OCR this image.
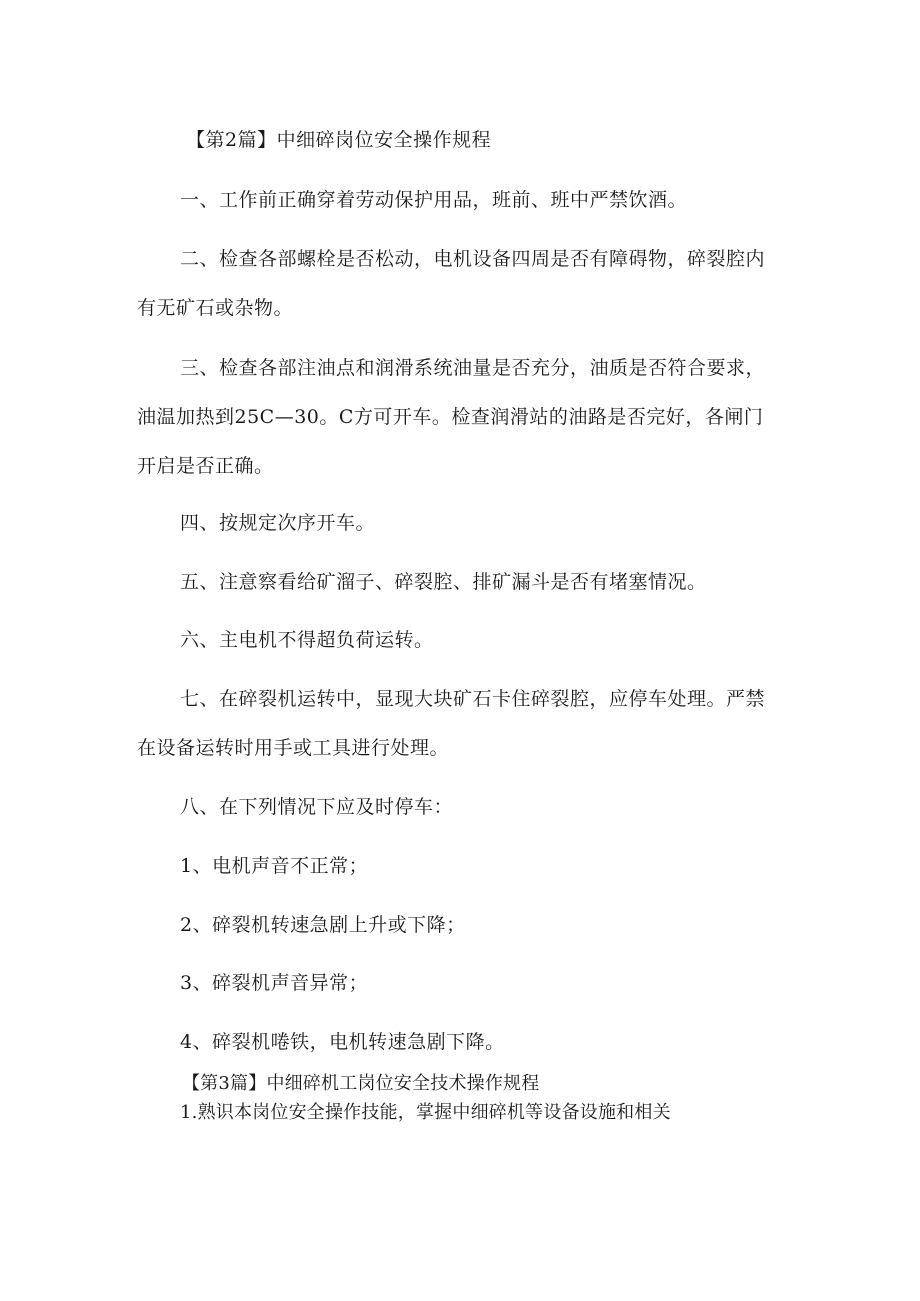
【第2篇】中细碎岗位安全操作规程
一、工作前正确穿着劳动保护用品，班前、班中严禁饮酒。
二、检查各部螺栓是否松动，电机设备四周是否有障碍物，碎裂腔内
有无矿石或杂物。
三、检查各部注油点和润滑系统油量是否充分，油质是否符合要求，
油温加热到25C—30。C方可开车。检查润滑站的油路是否完好，各闸门
开启是否正确。
四、按规定次序开车。
五、注意察看给矿溜子、碎裂腔、排矿漏斗是否有堵塞情况。
六、主电机不得超负荷运转。
七、在碎裂机运转中，显现大块矿石卡住碎裂腔，应停车处理。严禁
在设备运转时用手或工具进行处理。
八、在下列情况下应及时停车：
1、电机声音不正常；
2、碎裂机转速急剧上升或下降；
3、碎裂机声音异常；
4、碎裂机啳铁，电机转速急剧下降。
【第3篇】中细碎机工岗位安全技术操作规程
1.熟识本岗位安全操作技能，掌握中细碎机等设备设施和相关
